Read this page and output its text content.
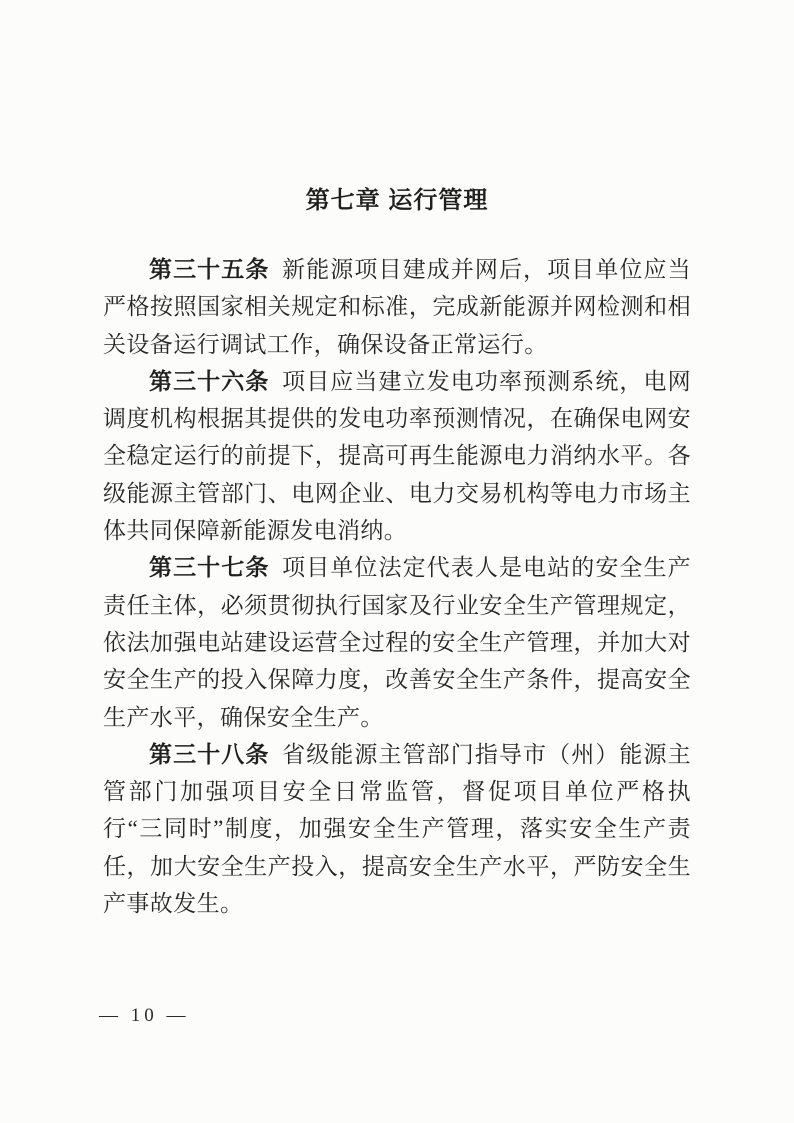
第七章 运行管理

第三十五条 新能源项目建成并网后，项目单位应当严格按照国家相关规定和标准，完成新能源并网检测和相关设备运行调试工作，确保设备正常运行。

第三十六条 项目应当建立发电功率预测系统，电网调度机构根据其提供的发电功率预测情况，在确保电网安全稳定运行的前提下，提高可再生能源电力消纳水平。各级能源主管部门、电网企业、电力交易机构等电力市场主体共同保障新能源发电消纳。

第三十七条 项目单位法定代表人是电站的安全生产责任主体，必须贯彻执行国家及行业安全生产管理规定，依法加强电站建设运营全过程的安全生产管理，并加大对安全生产的投入保障力度，改善安全生产条件，提高安全生产水平，确保安全生产。

第三十八条 省级能源主管部门指导市（州）能源主管部门加强项目安全日常监管，督促项目单位严格执行“三同时”制度，加强安全生产管理，落实安全生产责任，加大安全生产投入，提高安全生产水平，严防安全生产事故发生。

— 10 —
